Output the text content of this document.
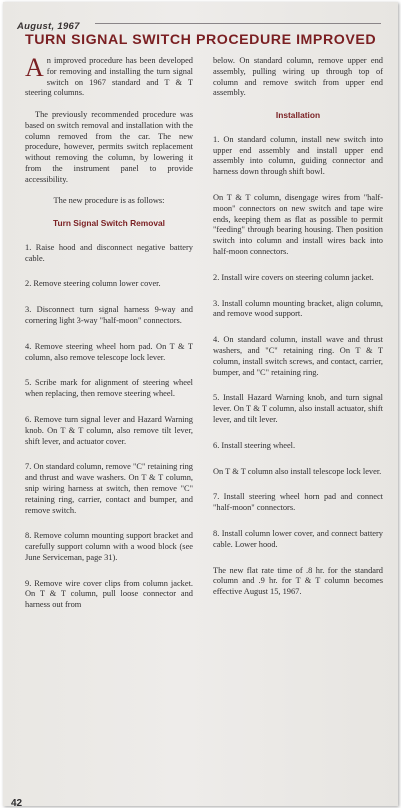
August, 1967
TURN SIGNAL SWITCH PROCEDURE IMPROVED

An improved procedure has been developed for removing and installing the turn signal switch on 1967 standard and T & T steering columns.

The previously recommended procedure was based on switch removal and installation with the column removed from the car. The new procedure, however, permits switch replacement without removing the column, by lowering it from the instrument panel to provide accessibility.

The new procedure is as follows:

Turn Signal Switch Removal

1. Raise hood and disconnect negative battery cable.

2. Remove steering column lower cover.

3. Disconnect turn signal harness 9-way and cornering light 3-way "half-moon" connectors.

4. Remove steering wheel horn pad. On T & T column, also remove telescope lock lever.

5. Scribe mark for alignment of steering wheel when replacing, then remove steering wheel.

6. Remove turn signal lever and Hazard Warning knob. On T & T column, also remove tilt lever, shift lever, and actuator cover.

7. On standard column, remove "C" retaining ring and thrust and wave washers. On T & T column, snip wiring harness at switch, then remove "C" retaining ring, carrier, contact and bumper, and remove switch.

8. Remove column mounting support bracket and carefully support column with a wood block (see June Serviceman, page 31).

9. Remove wire cover clips from column jacket. On T & T column, pull loose connector and harness out from

below. On standard column, remove upper end assembly, pulling wiring up through top of column and remove switch from upper end assembly.

Installation

1. On standard column, install new switch into upper end assembly and install upper end assembly into column, guiding connector and harness down through shift bowl.

On T & T column, disengage wires from "half-moon" connectors on new switch and tape wire ends, keeping them as flat as possible to permit "feeding" through bearing housing. Then position switch into column and install wires back into half-moon connectors.

2. Install wire covers on steering column jacket.

3. Install column mounting bracket, align column, and remove wood support.

4. On standard column, install wave and thrust washers, and "C" retaining ring. On T & T column, install switch screws, and contact, carrier, bumper, and "C" retaining ring.

5. Install Hazard Warning knob, and turn signal lever. On T & T column, also install actuator, shift lever, and tilt lever.

6. Install steering wheel.

On T & T column also install telescope lock lever.

7. Install steering wheel horn pad and connect "half-moon" connectors.

8. Install column lower cover, and connect battery cable. Lower hood.

The new flat rate time of .8 hr. for the standard column and .9 hr. for T & T column becomes effective August 15, 1967.

42
